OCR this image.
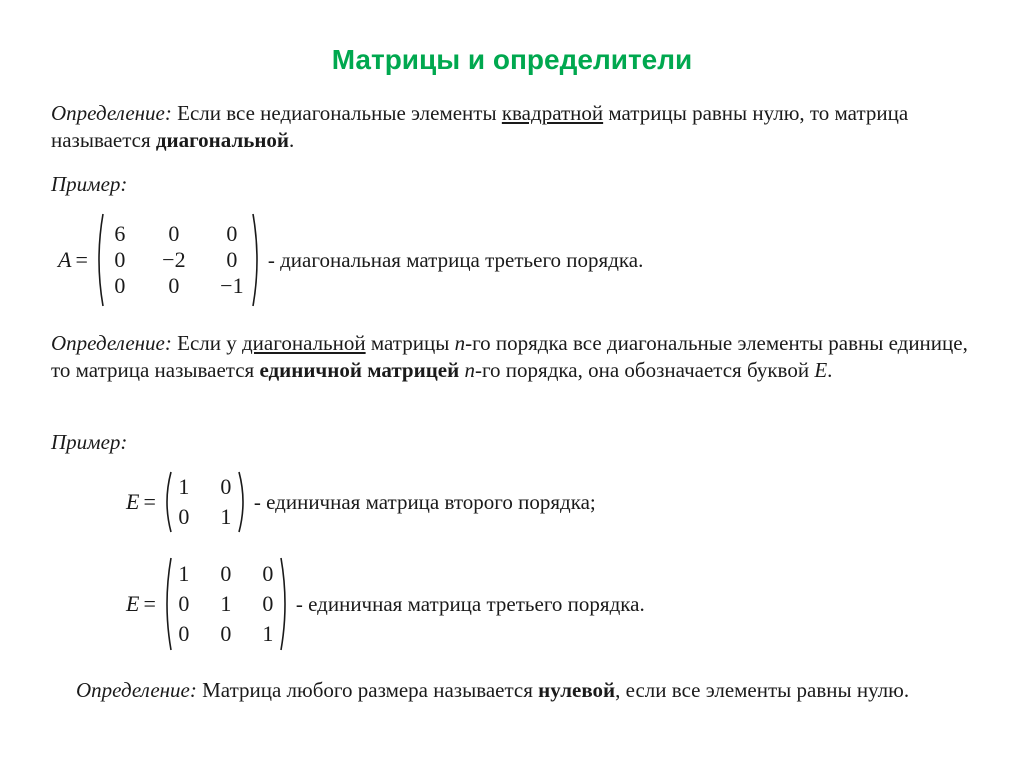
Матрицы и определители
Определение: Если все недиагональные элементы квадратной матрицы равны нулю, то матрица называется диагональной.
Пример:
A =
6	0	0
0	−2	0
0	0	−1
- диагональная матрица третьего порядка.
Определение: Если у диагональной матрицы n-го порядка все диагональные элементы равны единице, то матрица называется единичной матрицей n-го порядка, она обозначается буквой E.
Пример:
E =
1 0
0 1
- единичная матрица второго порядка;
E =
1 0 0
0 1 0
0 0 1
- единичная матрица третьего порядка.
Определение: Матрица любого размера называется нулевой, если все элементы равны нулю.
